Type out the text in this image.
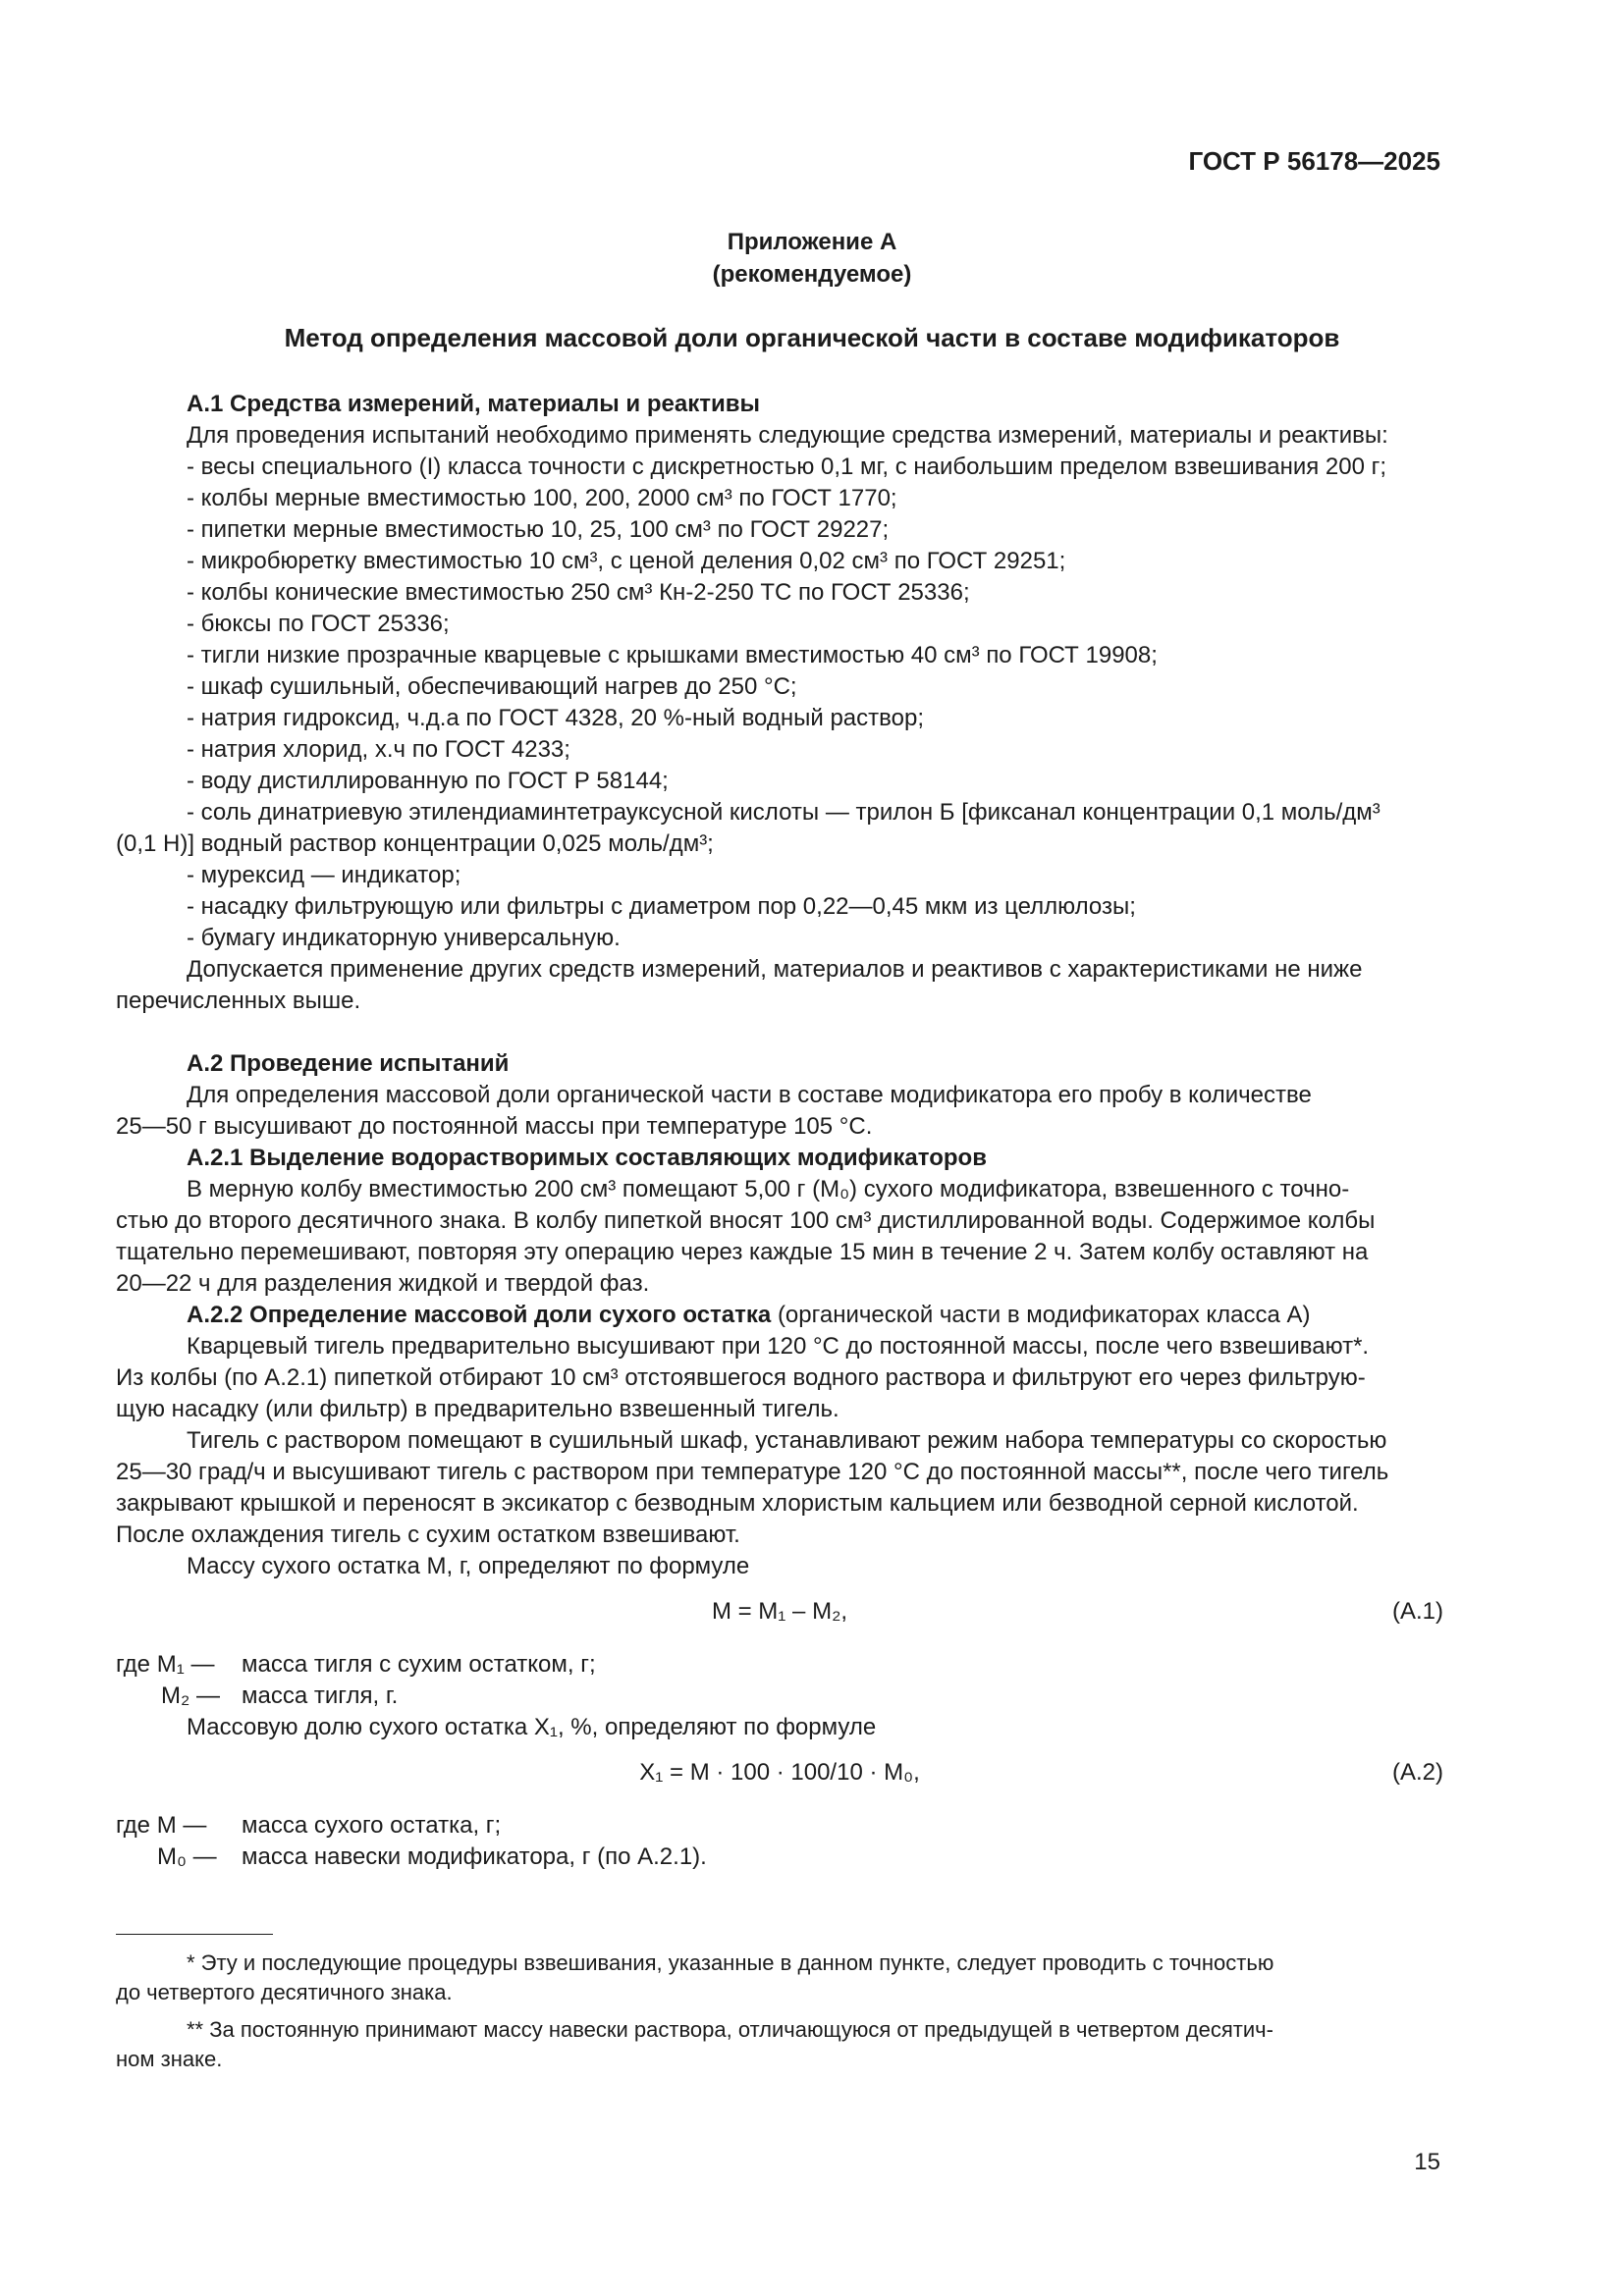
ГОСТ Р 56178—2025
Приложение А
(рекомендуемое)
Метод определения массовой доли органической части в составе модификаторов
А.1 Средства измерений, материалы и реактивы
Для проведения испытаний необходимо применять следующие средства измерений, материалы и реактивы:
- весы специального (I) класса точности с дискретностью 0,1 мг, с наибольшим пределом взвешивания 200 г;
- колбы мерные вместимостью 100, 200, 2000 см³ по ГОСТ 1770;
- пипетки мерные вместимостью 10, 25, 100 см³ по ГОСТ 29227;
- микробюретку вместимостью 10 см³, с ценой деления 0,02 см³ по ГОСТ 29251;
- колбы конические вместимостью 250 см³ Кн-2-250 ТС по ГОСТ 25336;
- бюксы по ГОСТ 25336;
- тигли низкие прозрачные кварцевые с крышками вместимостью 40 см³ по ГОСТ 19908;
- шкаф сушильный, обеспечивающий нагрев до 250 °С;
- натрия гидроксид, ч.д.а по ГОСТ 4328, 20 %-ный водный раствор;
- натрия хлорид, х.ч по ГОСТ 4233;
- воду дистиллированную по ГОСТ Р 58144;
- соль динатриевую этилендиаминтетрауксусной кислоты — трилон Б [фиксанал концентрации 0,1 моль/дм³
(0,1 Н)] водный раствор концентрации 0,025 моль/дм³;
- мурексид — индикатор;
- насадку фильтрующую или фильтры с диаметром пор 0,22—0,45 мкм из целлюлозы;
- бумагу индикаторную универсальную.
Допускается применение других средств измерений, материалов и реактивов с характеристиками не ниже
перечисленных выше.
А.2 Проведение испытаний
Для определения массовой доли органической части в составе модификатора его пробу в количестве
25—50 г высушивают до постоянной массы при температуре 105 °С.
А.2.1 Выделение водорастворимых составляющих модификаторов
В мерную колбу вместимостью 200 см³ помещают 5,00 г (M₀) сухого модификатора, взвешенного с точно-
стью до второго десятичного знака. В колбу пипеткой вносят 100 см³ дистиллированной воды. Содержимое колбы
тщательно перемешивают, повторяя эту операцию через каждые 15 мин в течение 2 ч. Затем колбу оставляют на
20—22 ч для разделения жидкой и твердой фаз.
А.2.2 Определение массовой доли сухого остатка (органической части в модификаторах класса А)
Кварцевый тигель предварительно высушивают при 120 °С до постоянной массы, после чего взвешивают*.
Из колбы (по А.2.1) пипеткой отбирают 10 см³ отстоявшегося водного раствора и фильтруют его через фильтрую-
щую насадку (или фильтр) в предварительно взвешенный тигель.
Тигель с раствором помещают в сушильный шкаф, устанавливают режим набора температуры со скоростью
25—30 град/ч и высушивают тигель с раствором при температуре 120 °С до постоянной массы**, после чего тигель
закрывают крышкой и переносят в эксикатор с безводным хлористым кальцием или безводной серной кислотой.
После охлаждения тигель с сухим остатком взвешивают.
Массу сухого остатка M, г, определяют по формуле
M = M₁ – M₂,	(А.1)
где M₁ — масса тигля с сухим остатком, г;
M₂ — масса тигля, г.
Массовую долю сухого остатка X₁, %, определяют по формуле
X₁ = M · 100 · 100/10 · M₀,	(А.2)
где M — масса сухого остатка, г;
M₀ — масса навески модификатора, г (по А.2.1).
* Эту и последующие процедуры взвешивания, указанные в данном пункте, следует проводить с точностью
до четвертого десятичного знака.
** За постоянную принимают массу навески раствора, отличающуюся от предыдущей в четвертом десятич-
ном знаке.
15
